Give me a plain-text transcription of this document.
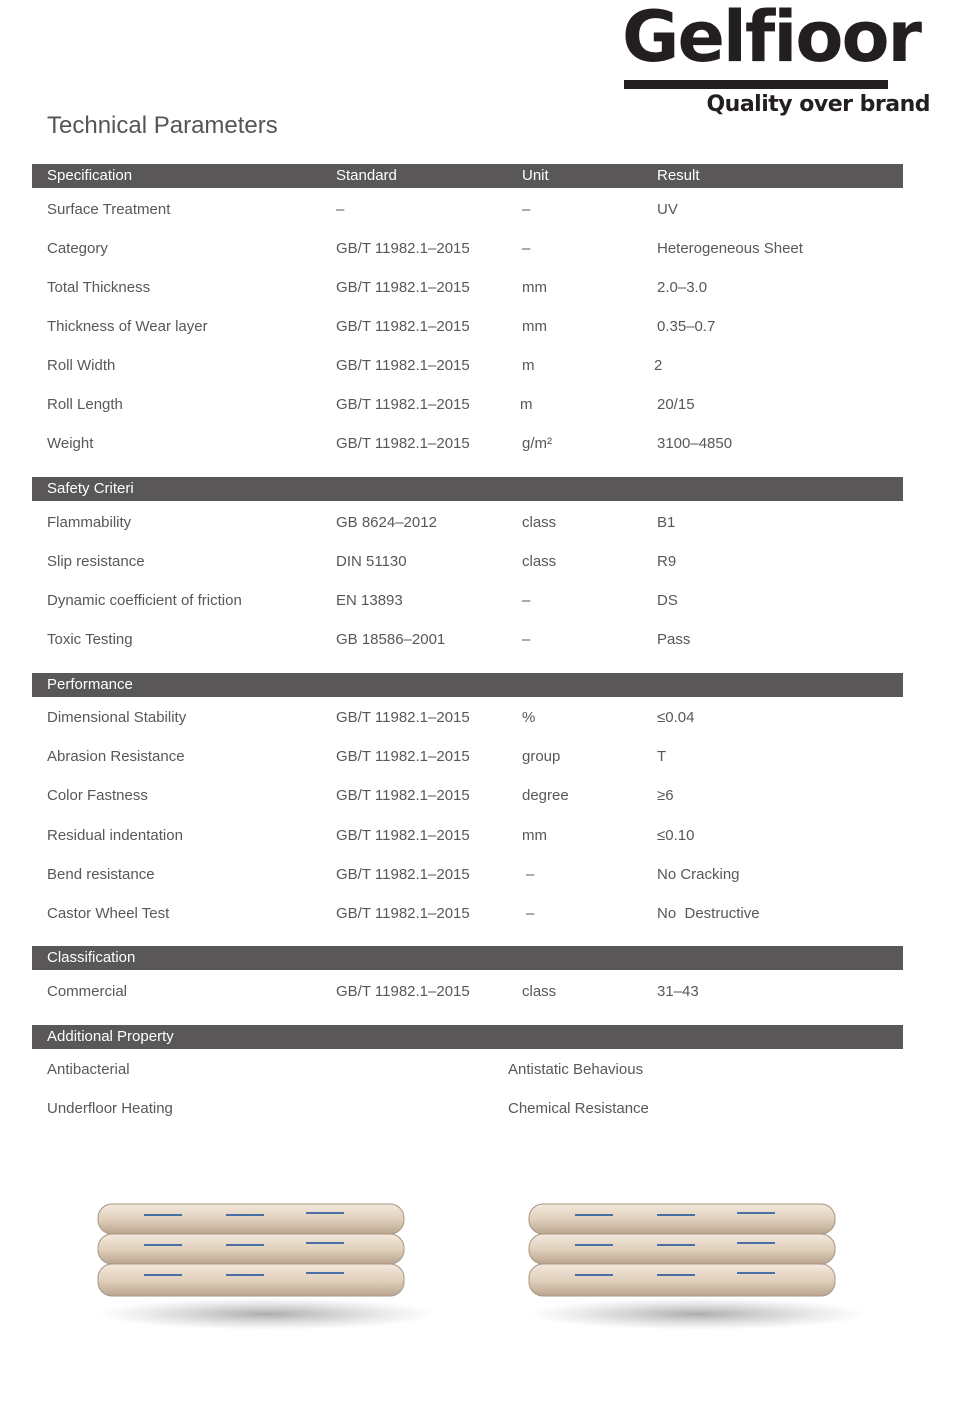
Gelfioor
Quality over brand
Technical Parameters
Specification	Standard	Unit	Result
Surface Treatment	–	–	UV
Category	GB/T 11982.1–2015	–	Heterogeneous Sheet
Total Thickness	GB/T 11982.1–2015	mm	2.0–3.0
Thickness of Wear layer	GB/T 11982.1–2015	mm	0.35–0.7
Roll Width	GB/T 11982.1–2015	m	2
Roll Length	GB/T 11982.1–2015	m	20/15
Weight	GB/T 11982.1–2015	g/m²	3100–4850
Safety Criteri
Flammability	GB 8624–2012	class	B1
Slip resistance	DIN 51130	class	R9
Dynamic coefficient of friction	EN 13893	–	DS
Toxic Testing	GB 18586–2001	–	Pass
Performance
Dimensional Stability	GB/T 11982.1–2015	%	≤0.04
Abrasion Resistance	GB/T 11982.1–2015	group	T
Color Fastness	GB/T 11982.1–2015	degree	≥6
Residual indentation	GB/T 11982.1–2015	mm	≤0.10
Bend resistance	GB/T 11982.1–2015	–	No Cracking
Castor Wheel Test	GB/T 11982.1–2015	–	No  Destructive
Classification
Commercial	GB/T 11982.1–2015	class	31–43
Additional Property
Antibacterial	Antistatic Behavious
Underfloor Heating	Chemical Resistance
